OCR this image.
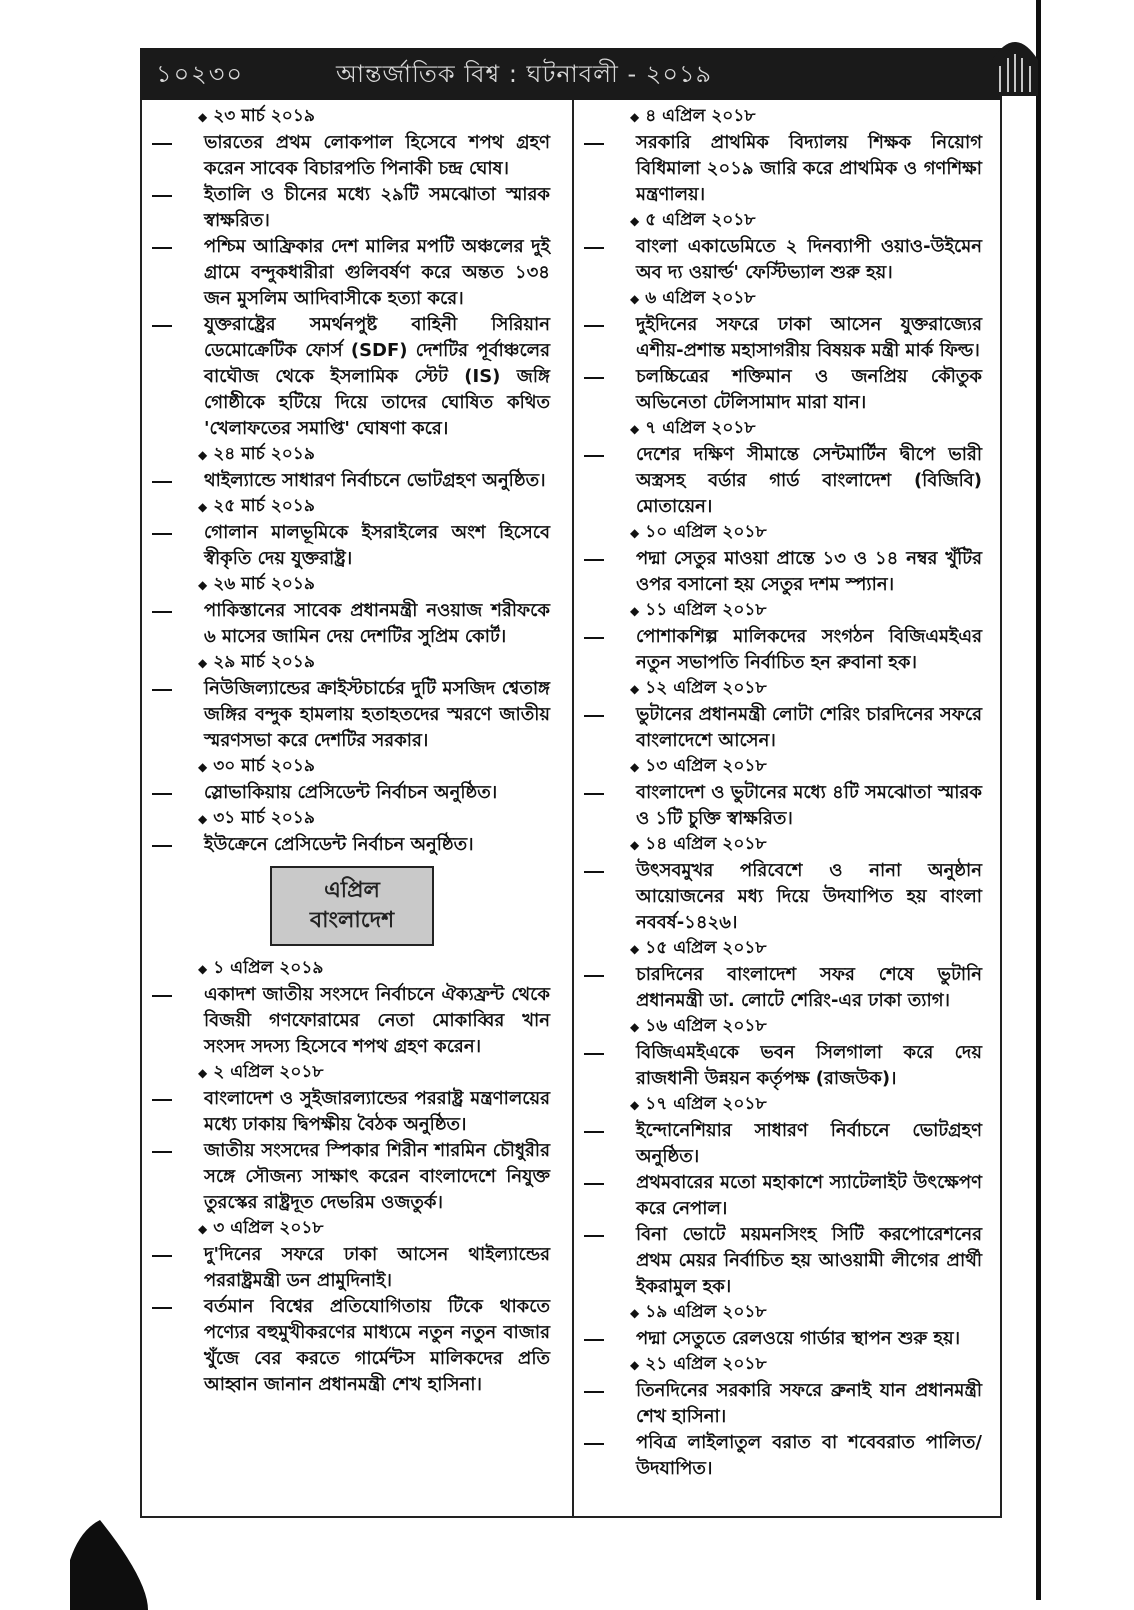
১০২৩০	আন্তর্জাতিক বিশ্ব : ঘটনাবলী - ২০১৯
◆ ২৩ মার্চ ২০১৯
ভারতের প্রথম লোকপাল হিসেবে শপথ গ্রহণ করেন সাবেক বিচারপতি পিনাকী চন্দ্র ঘোষ।
ইতালি ও চীনের মধ্যে ২৯টি সমঝোতা স্মারক স্বাক্ষরিত।
পশ্চিম আফ্রিকার দেশ মালির মপটি অঞ্চলের দুই গ্রামে বন্দুকধারীরা গুলিবর্ষণ করে অন্তত ১৩৪ জন মুসলিম আদিবাসীকে হত্যা করে।
যুক্তরাষ্ট্রের সমর্থনপুষ্ট বাহিনী সিরিয়ান ডেমোক্রেটিক ফোর্স (SDF) দেশটির পূর্বাঞ্চলের বাঘৌজ থেকে ইসলামিক স্টেট (IS) জঙ্গি গোষ্ঠীকে হটিয়ে দিয়ে তাদের ঘোষিত কথিত 'খেলাফতের সমাপ্তি' ঘোষণা করে।
◆ ২৪ মার্চ ২০১৯
থাইল্যান্ডে সাধারণ নির্বাচনে ভোটগ্রহণ অনুষ্ঠিত।
◆ ২৫ মার্চ ২০১৯
গোলান মালভূমিকে ইসরাইলের অংশ হিসেবে স্বীকৃতি দেয় যুক্তরাষ্ট্র।
◆ ২৬ মার্চ ২০১৯
পাকিস্তানের সাবেক প্রধানমন্ত্রী নওয়াজ শরীফকে ৬ মাসের জামিন দেয় দেশটির সুপ্রিম কোর্ট।
◆ ২৯ মার্চ ২০১৯
নিউজিল্যান্ডের ক্রাইস্টচার্চের দুটি মসজিদ শ্বেতাঙ্গ জঙ্গির বন্দুক হামলায় হতাহতদের স্মরণে জাতীয় স্মরণসভা করে দেশটির সরকার।
◆ ৩০ মার্চ ২০১৯
স্লোভাকিয়ায় প্রেসিডেন্ট নির্বাচন অনুষ্ঠিত।
◆ ৩১ মার্চ ২০১৯
ইউক্রেনে প্রেসিডেন্ট নির্বাচন অনুষ্ঠিত।
এপ্রিল
বাংলাদেশ
◆ ১ এপ্রিল ২০১৯
একাদশ জাতীয় সংসদে নির্বাচনে ঐক্যফ্রন্ট থেকে বিজয়ী গণফোরামের নেতা মোকাব্বির খান সংসদ সদস্য হিসেবে শপথ গ্রহণ করেন।
◆ ২ এপ্রিল ২০১৮
বাংলাদেশ ও সুইজারল্যান্ডের পররাষ্ট্র মন্ত্রণালয়ের মধ্যে ঢাকায় দ্বিপক্ষীয় বৈঠক অনুষ্ঠিত।
জাতীয় সংসদের স্পিকার শিরীন শারমিন চৌধুরীর সঙ্গে সৌজন্য সাক্ষাৎ করেন বাংলাদেশে নিযুক্ত তুরস্কের রাষ্ট্রদূত দেভরিম ওজতুর্ক।
◆ ৩ এপ্রিল ২০১৮
দু'দিনের সফরে ঢাকা আসেন থাইল্যান্ডের পররাষ্ট্রমন্ত্রী ডন প্রামুদিনাই।
বর্তমান বিশ্বের প্রতিযোগিতায় টিকে থাকতে পণ্যের বহুমুখীকরণের মাধ্যমে নতুন নতুন বাজার খুঁজে বের করতে গার্মেন্টস মালিকদের প্রতি আহ্বান জানান প্রধানমন্ত্রী শেখ হাসিনা।
◆ ৪ এপ্রিল ২০১৮
সরকারি প্রাথমিক বিদ্যালয় শিক্ষক নিয়োগ বিধিমালা ২০১৯ জারি করে প্রাথমিক ও গণশিক্ষা মন্ত্রণালয়।
◆ ৫ এপ্রিল ২০১৮
বাংলা একাডেমিতে ২ দিনব্যাপী ওয়াও-উইমেন অব দ্য ওয়ার্ল্ড' ফেস্টিভ্যাল শুরু হয়।
◆ ৬ এপ্রিল ২০১৮
দুইদিনের সফরে ঢাকা আসেন যুক্তরাজ্যের এশীয়-প্রশান্ত মহাসাগরীয় বিষয়ক মন্ত্রী মার্ক ফিল্ড।
চলচ্চিত্রের শক্তিমান ও জনপ্রিয় কৌতুক অভিনেতা টেলিসামাদ মারা যান।
◆ ৭ এপ্রিল ২০১৮
দেশের দক্ষিণ সীমান্তে সেন্টমার্টিন দ্বীপে ভারী অস্ত্রসহ বর্ডার গার্ড বাংলাদেশ (বিজিবি) মোতায়েন।
◆ ১০ এপ্রিল ২০১৮
পদ্মা সেতুর মাওয়া প্রান্তে ১৩ ও ১৪ নম্বর খুঁটির ওপর বসানো হয় সেতুর দশম স্প্যান।
◆ ১১ এপ্রিল ২০১৮
পোশাকশিল্প মালিকদের সংগঠন বিজিএমইএর নতুন সভাপতি নির্বাচিত হন রুবানা হক।
◆ ১২ এপ্রিল ২০১৮
ভুটানের প্রধানমন্ত্রী লোটা শেরিং চারদিনের সফরে বাংলাদেশে আসেন।
◆ ১৩ এপ্রিল ২০১৮
বাংলাদেশ ও ভুটানের মধ্যে ৪টি সমঝোতা স্মারক ও ১টি চুক্তি স্বাক্ষরিত।
◆ ১৪ এপ্রিল ২০১৮
উৎসবমুখর পরিবেশে ও নানা অনুষ্ঠান আয়োজনের মধ্য দিয়ে উদযাপিত হয় বাংলা নববর্ষ-১৪২৬।
◆ ১৫ এপ্রিল ২০১৮
চারদিনের বাংলাদেশ সফর শেষে ভুটানি প্রধানমন্ত্রী ডা. লোটে শেরিং-এর ঢাকা ত্যাগ।
◆ ১৬ এপ্রিল ২০১৮
বিজিএমইএকে ভবন সিলগালা করে দেয় রাজধানী উন্নয়ন কর্তৃপক্ষ (রাজউক)।
◆ ১৭ এপ্রিল ২০১৮
ইন্দোনেশিয়ার সাধারণ নির্বাচনে ভোটগ্রহণ অনুষ্ঠিত।
প্রথমবারের মতো মহাকাশে স্যাটেলাইট উৎক্ষেপণ করে নেপাল।
বিনা ভোটে ময়মনসিংহ সিটি করপোরেশনের প্রথম মেয়র নির্বাচিত হয় আওয়ামী লীগের প্রার্থী ইকরামুল হক।
◆ ১৯ এপ্রিল ২০১৮
পদ্মা সেতুতে রেলওয়ে গার্ডার স্থাপন শুরু হয়।
◆ ২১ এপ্রিল ২০১৮
তিনদিনের সরকারি সফরে ব্রুনাই যান প্রধানমন্ত্রী শেখ হাসিনা।
পবিত্র লাইলাতুল বরাত বা শবেবরাত পালিত/উদযাপিত।
